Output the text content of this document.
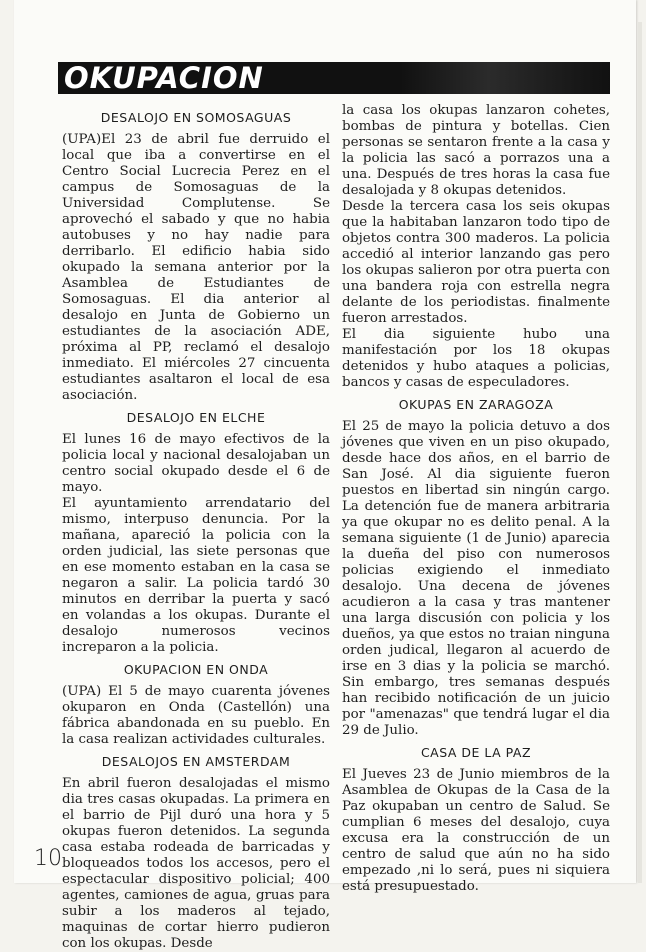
OKUPACION
DESALOJO EN SOMOSAGUAS

(UPA)El 23 de abril fue derruido el local que iba a convertirse en el Centro Social Lucrecia Perez en el campus de Somosaguas de la Universidad Complutense. Se aprovechó el sabado y que no habia autobuses y no hay nadie para derribarlo. El edificio habia sido okupado la semana anterior por la Asamblea de Estudiantes de Somosaguas. El dia anterior al desalojo en Junta de Gobierno un estudiantes de la asociación ADE, próxima al PP, reclamó el desalojo inmediato. El miércoles 27 cincuenta estudiantes asaltaron el local de esa asociación.

DESALOJO EN ELCHE

El lunes 16 de mayo efectivos de la policia local y nacional desalojaban un centro social okupado desde el 6 de mayo.

El ayuntamiento arrendatario del mismo, interpuso denuncia. Por la mañana, apareció la policia con la orden judicial, las siete personas que en ese momento estaban en la casa se negaron a salir. La policia tardó 30 minutos en derribar la puerta y sacó en volandas a los okupas. Durante el desalojo numerosos vecinos increparon a la policia.

OKUPACION EN ONDA

(UPA) El 5 de mayo cuarenta jóvenes okuparon en Onda (Castellón) una fábrica abandonada en su pueblo. En la casa realizan actividades culturales.

DESALOJOS EN AMSTERDAM

En abril fueron desalojadas el mismo dia tres casas okupadas. La primera en el barrio de Pijl duró una hora y 5 okupas fueron detenidos. La segunda casa estaba rodeada de barricadas y bloqueados todos los accesos, pero el espectacular dispositivo policial; 400 agentes, camiones de agua, gruas para subir a los maderos al tejado, maquinas de cortar hierro pudieron con los okupas. Desde

la casa los okupas lanzaron cohetes, bombas de pintura y botellas. Cien personas se sentaron frente a la casa y la policia las sacó a porrazos una a una. Después de tres horas la casa fue desalojada y 8 okupas detenidos.

Desde la tercera casa los seis okupas que la habitaban lanzaron todo tipo de objetos contra 300 maderos. La policia accedió al interior lanzando gas pero los okupas salieron por otra puerta con una bandera roja con estrella negra delante de los periodistas. finalmente fueron arrestados.

El dia siguiente hubo una manifestación por los 18 okupas detenidos y hubo ataques a policias, bancos y casas de especuladores.

OKUPAS EN ZARAGOZA

El 25 de mayo la policia detuvo a dos jóvenes que viven en un piso okupado, desde hace dos años, en el barrio de San José. Al dia siguiente fueron puestos en libertad sin ningún cargo. La detención fue de manera arbitraria ya que okupar no es delito penal. A la semana siguiente (1 de Junio) aparecia la dueña del piso con numerosos policias exigiendo el inmediato desalojo. Una decena de jóvenes acudieron a la casa y tras mantener una larga discusión con policia y los dueños, ya que estos no traian ninguna orden judical, llegaron al acuerdo de irse en 3 dias y la policia se marchó. Sin embargo, tres semanas después han recibido notificación de un juicio por "amenazas" que tendrá lugar el dia 29 de Julio.

CASA DE LA PAZ

El Jueves 23 de Junio miembros de la Asamblea de Okupas de la Casa de la Paz okupaban un centro de Salud. Se cumplian 6 meses del desalojo, cuya excusa era la construcción de un centro de salud que aún no ha sido empezado ,ni lo será, pues ni siquiera está presupuestado.

10
